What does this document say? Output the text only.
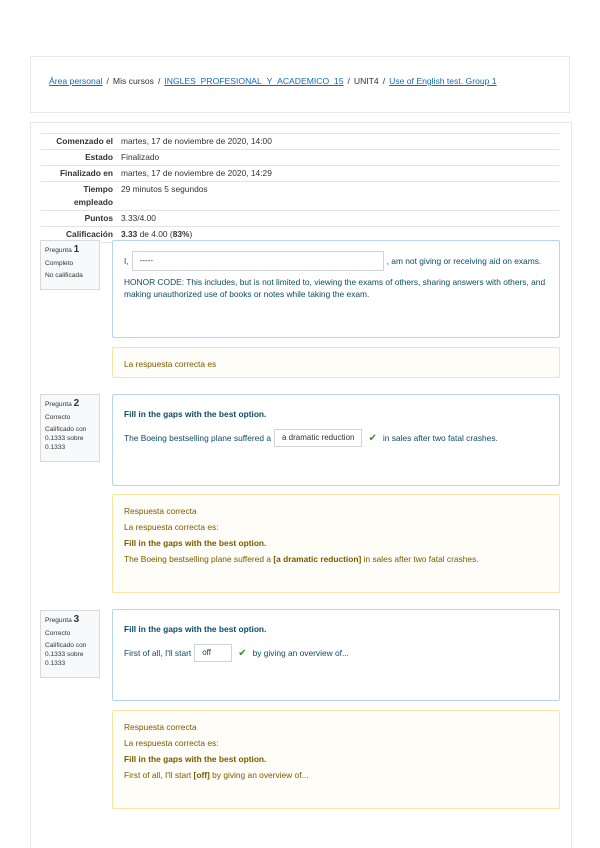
Área personal / Mis cursos / INGLES_PROFESIONAL_Y_ACADEMICO_15 / UNIT4 / Use of English test. Group 1
Comenzado el martes, 17 de noviembre de 2020, 14:00
Estado Finalizado
Finalizado en martes, 17 de noviembre de 2020, 14:29
Tiempo
empleado
29 minutos 5 segundos
Puntos 3.33/4.00
Calificación 3.33 de 4.00 (83%)
Pregunta 1
Completo
No calificada
I,	-----	, am not giving or receiving aid on exams.
HONOR CODE: This includes, but is not limited to, viewing the exams of others, sharing answers with others, and making unauthorized use of books or notes while taking the exam.
La respuesta correcta es
Pregunta 2
Correcto
Calificado con 0.1333 sobre 0.1333
Fill in the gaps with the best option.
The Boeing bestselling plane suffered a	a dramatic reduction	✔ in sales after two fatal crashes.
Respuesta correcta
La respuesta correcta es:
Fill in the gaps with the best option.
The Boeing bestselling plane suffered a [a dramatic reduction] in sales after two fatal crashes.
Pregunta 3
Correcto
Calificado con 0.1333 sobre 0.1333
Fill in the gaps with the best option.
First of all, I'll start	off	✔ by giving an overview of...
Respuesta correcta
La respuesta correcta es:
Fill in the gaps with the best option.
First of all, I'll start [off] by giving an overview of...
